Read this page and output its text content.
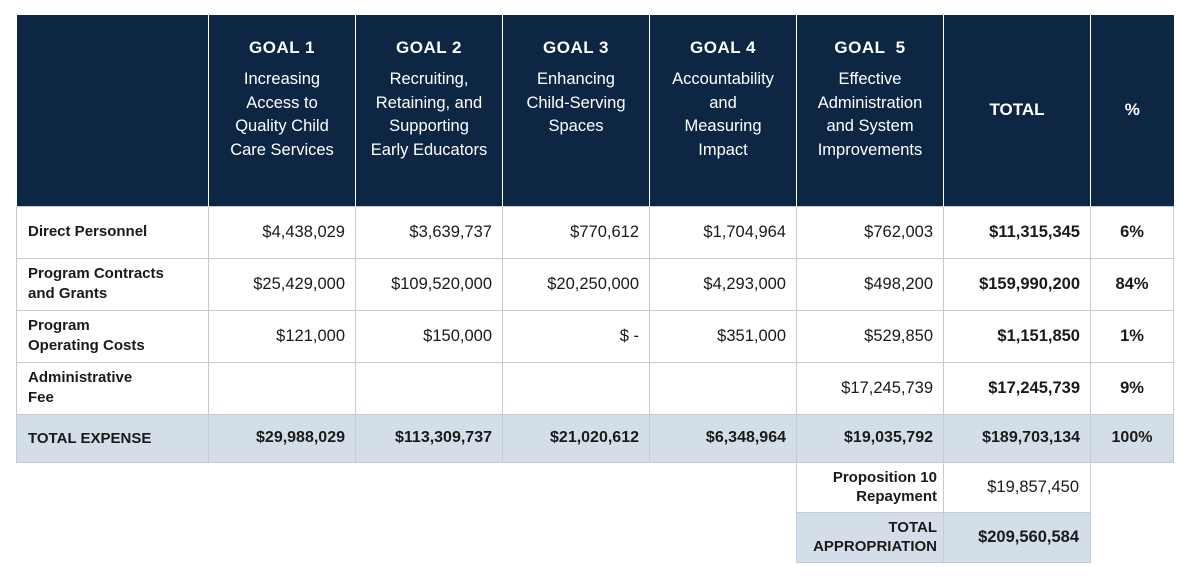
	GOAL 1
Increasing
Access to
Quality Child
Care Services	GOAL 2
Recruiting,
Retaining, and
Supporting
Early Educators	GOAL 3
Enhancing
Child-Serving
Spaces	GOAL 4
Accountability
and
Measuring
Impact	GOAL  5
Effective
Administration
and System
Improvements	TOTAL	%
Direct Personnel	$4,438,029	$3,639,737	$770,612	$1,704,964	$762,003	$11,315,345	6%
Program Contracts
and Grants	$25,429,000	$109,520,000	$20,250,000	$4,293,000	$498,200	$159,990,200	84%
Program
Operating Costs	$121,000	$150,000	$ -	$351,000	$529,850	$1,151,850	1%
Administrative
Fee					$17,245,739	$17,245,739	9%
TOTAL EXPENSE	$29,988,029	$113,309,737	$21,020,612	$6,348,964	$19,035,792	$189,703,134	100%
					Proposition 10
Repayment	$19,857,450	
					TOTAL
APPROPRIATION	$209,560,584	
